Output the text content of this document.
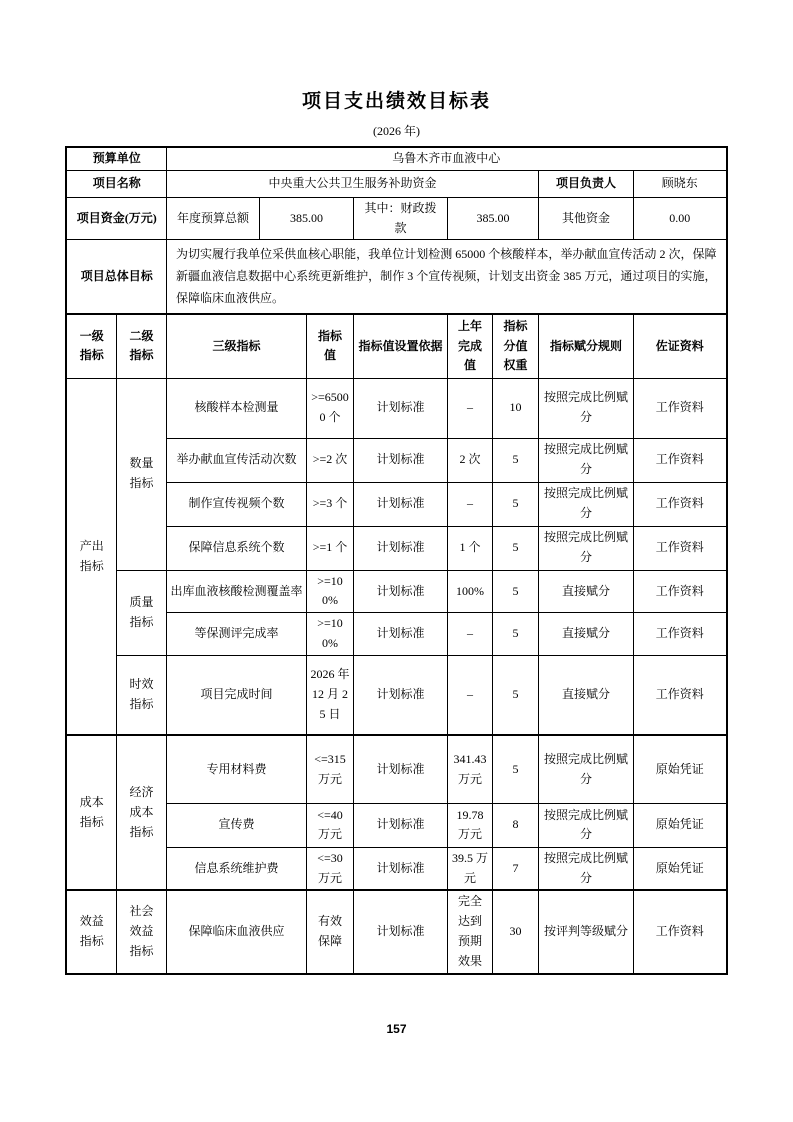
项目支出绩效目标表
(2026 年)
预算单位		乌鲁木齐市血液中心							
项目名称		中央重大公共卫生服务补助资金						项目负责人	顾晓东
项目资金(万元)		年度预算总额	385.00		其中：财政拨款	385.00		其他资金	0.00
项目总体目标		为切实履行我单位采供血核心职能，我单位计划检测 65000 个核酸样本，举办献血宣传活动 2 次，保障新疆血液信息数据中心系统更新维护，制作 3 个宣传视频，计划支出资金 385 万元，通过项目的实施，保障临床血液供应。							
一级指标	二级指标	三级指标		指标值	指标值设置依据	上年完成值	指标分值权重	指标赋分规则	佐证资料
产出指标	数量指标	核酸样本检测量		>=65000 个	计划标准	–	10	按照完成比例赋分	工作资料
		举办献血宣传活动次数		>=2 次	计划标准	2 次	5	按照完成比例赋分	工作资料
		制作宣传视频个数		>=3 个	计划标准	–	5	按照完成比例赋分	工作资料
		保障信息系统个数		>=1 个	计划标准	1 个	5	按照完成比例赋分	工作资料
	质量指标	出库血液核酸检测覆盖率		>=100%	计划标准	100%	5	直接赋分	工作资料
		等保测评完成率		>=100%	计划标准	–	5	直接赋分	工作资料
	时效指标	项目完成时间		2026 年 12 月 25 日	计划标准	–	5	直接赋分	工作资料
成本指标	经济成本指标	专用材料费		<=315 万元	计划标准	341.43 万元	5	按照完成比例赋分	原始凭证
		宣传费		<=40 万元	计划标准	19.78 万元	8	按照完成比例赋分	原始凭证
		信息系统维护费		<=30 万元	计划标准	39.5 万元	7	按照完成比例赋分	原始凭证
效益指标	社会效益指标	保障临床血液供应		有效保障	计划标准	完全达到预期效果	30	按评判等级赋分	工作资料
157
